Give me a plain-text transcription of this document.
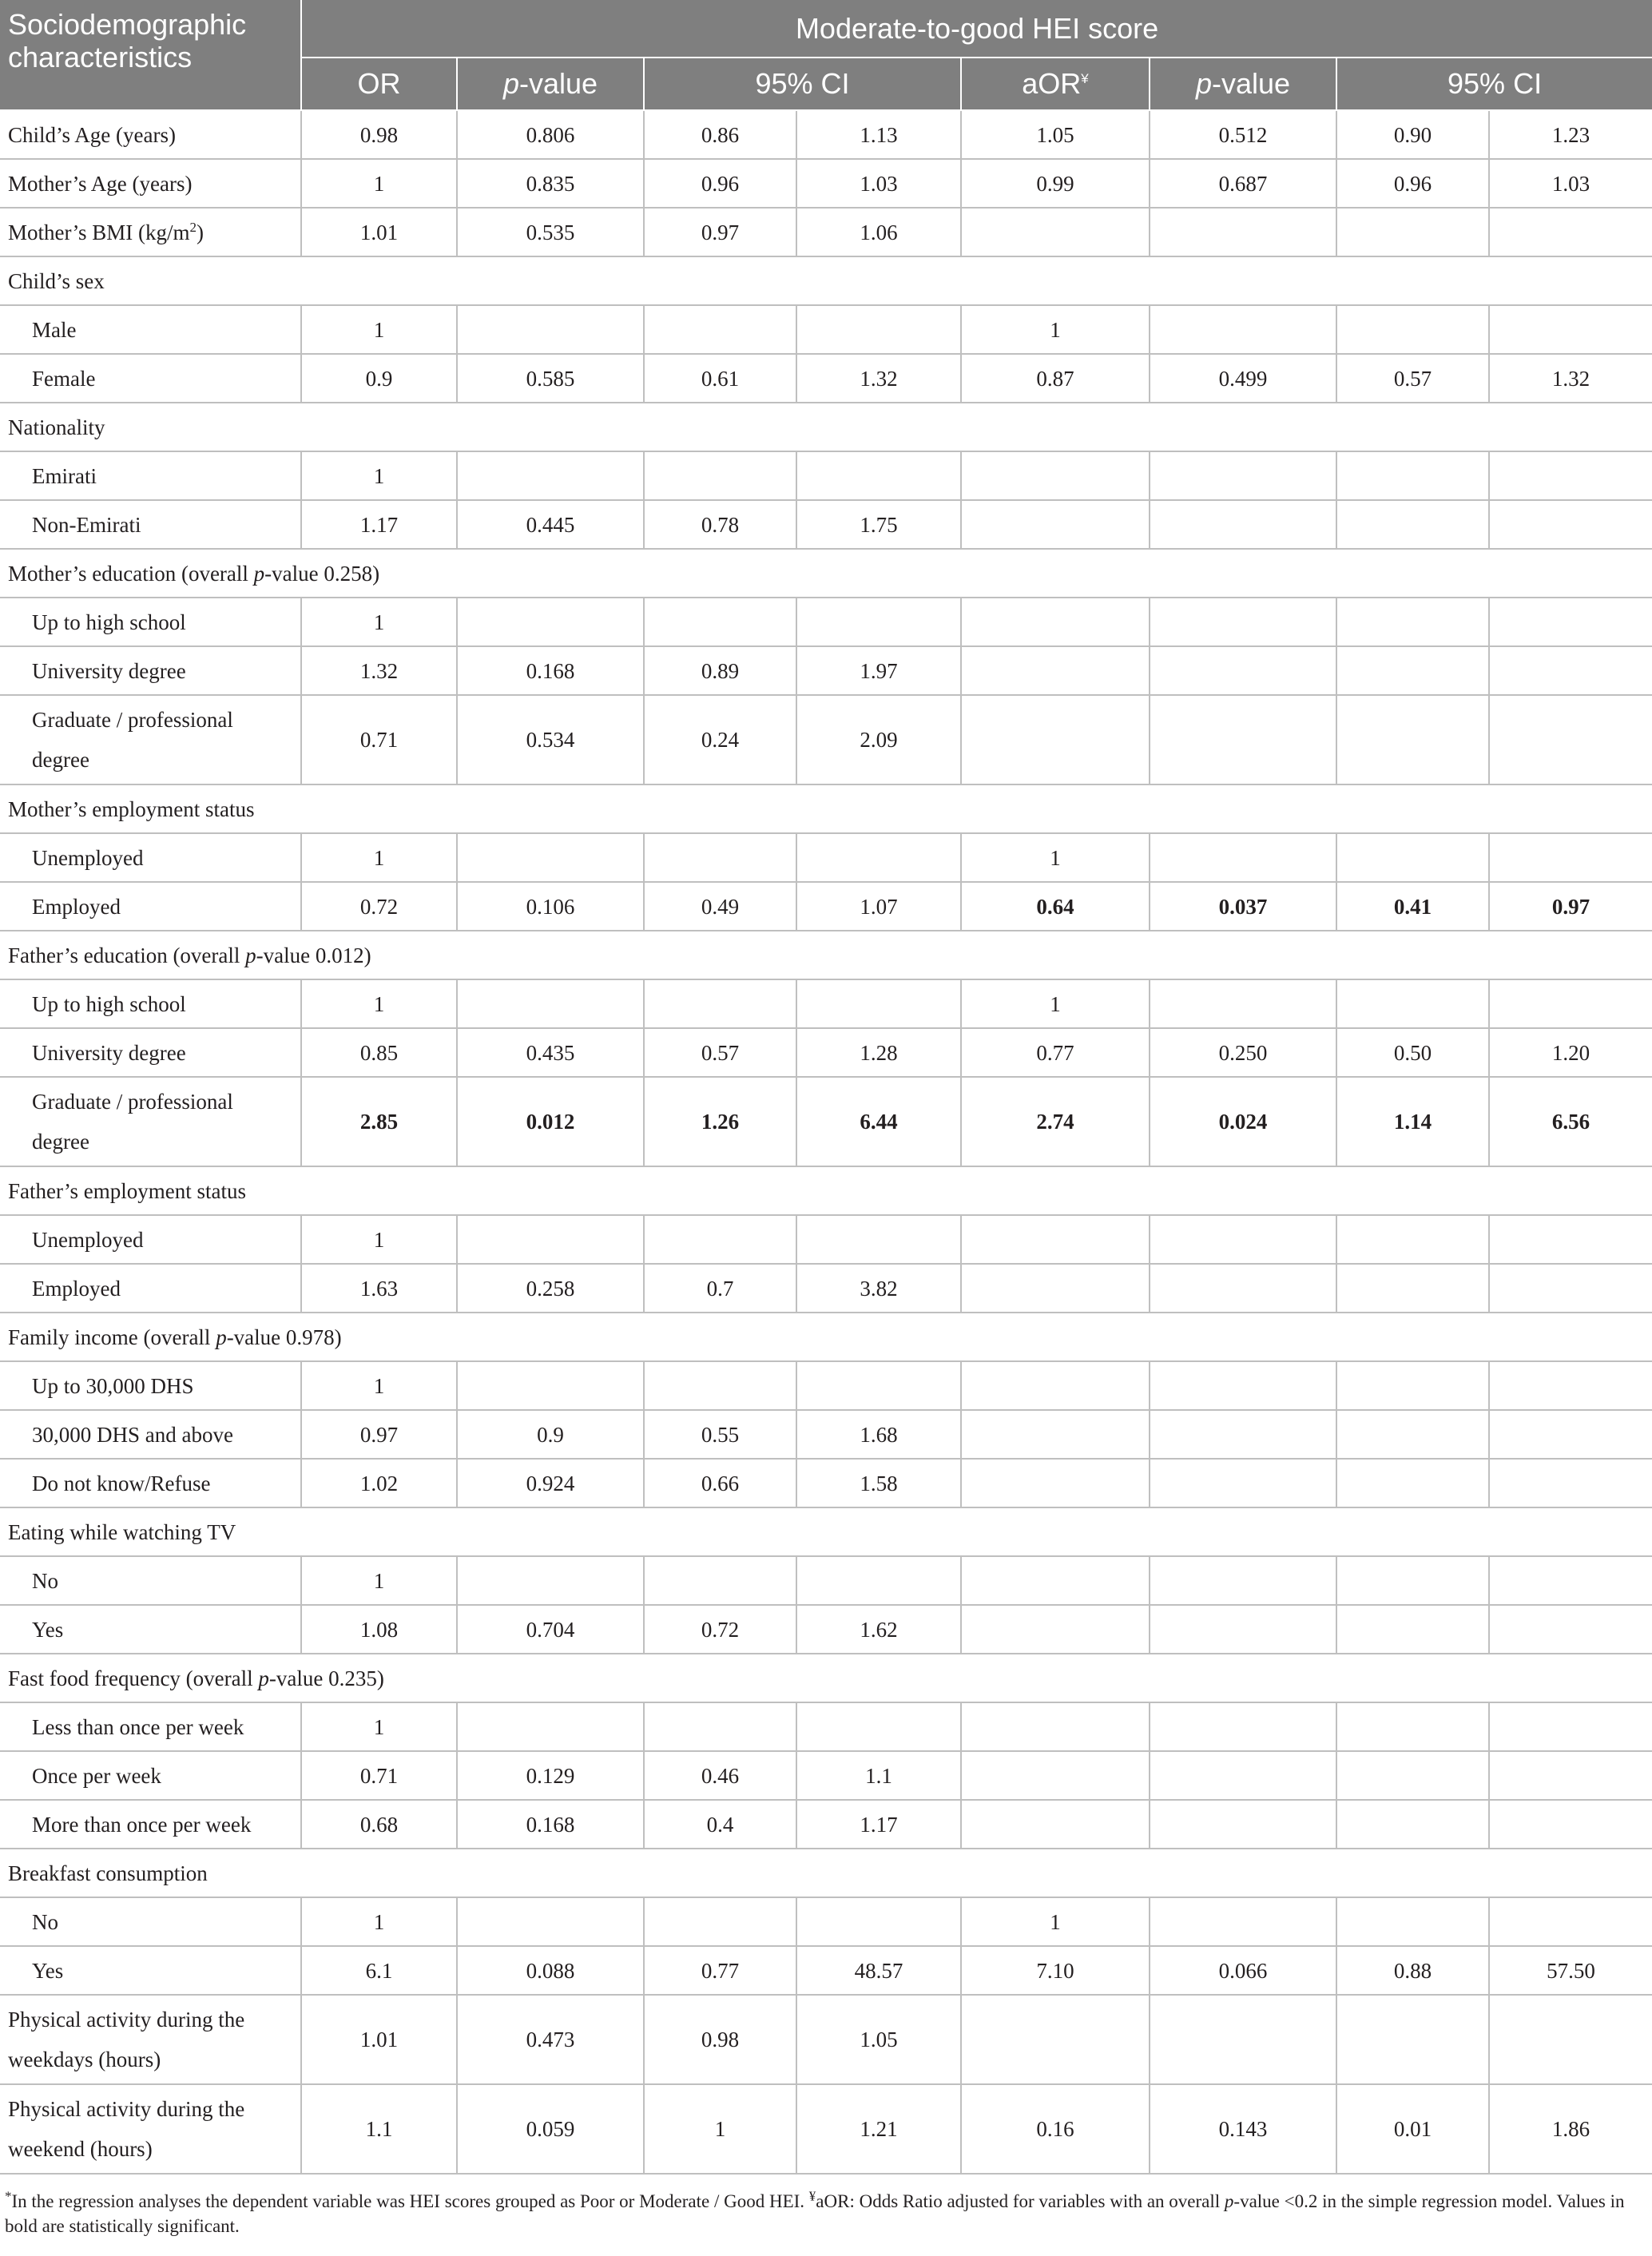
Sociodemographic characteristics	Moderate-to-good HEI score							
	OR	p-value	95% CI		aOR¥	p-value	95% CI	
Child’s Age (years)	0.98	0.806	0.86	1.13	1.05	0.512	0.90	1.23
Mother’s Age (years)	1	0.835	0.96	1.03	0.99	0.687	0.96	1.03
Mother’s BMI $(kg/m^2)$	1.01	0.535	0.97	1.06				
Child’s sex								
Male	1				1			
Female	0.9	0.585	0.61	1.32	0.87	0.499	0.57	1.32
Nationality								
Emirati	1							
Non-Emirati	1.17	0.445	0.78	1.75				
Mother’s education (overall p-value 0.258)								
Up to high school	1							
University degree	1.32	0.168	0.89	1.97				
Graduate / professional
degree	0.71	0.534	0.24	2.09				
Mother’s employment status								
Unemployed	1				1			
Employed	0.72	0.106	0.49	1.07	0.64	0.037	0.41	0.97
Father’s education (overall p-value 0.012)								
Up to high school	1				1			
University degree	0.85	0.435	0.57	1.28	0.77	0.250	0.50	1.20
Graduate / professional
degree	2.85	0.012	1.26	6.44	2.74	0.024	1.14	6.56
Father’s employment status								
Unemployed	1							
Employed	1.63	0.258	0.7	3.82				
Family income (overall p-value 0.978)								
Up to 30,000 DHS	1							
30,000 DHS and above	0.97	0.9	0.55	1.68				
Do not know/Refuse	1.02	0.924	0.66	1.58				
Eating while watching TV								
No	1							
Yes	1.08	0.704	0.72	1.62				
Fast food frequency (overall p-value 0.235)								
Less than once per week	1							
Once per week	0.71	0.129	0.46	1.1				
More than once per week	0.68	0.168	0.4	1.17				
Breakfast consumption								
No	1				1			
Yes	6.1	0.088	0.77	48.57	7.10	0.066	0.88	57.50
Physical activity during the
weekdays (hours)	1.01	0.473	0.98	1.05				
Physical activity during the
weekend (hours)	1.1	0.059	1	1.21	0.16	0.143	0.01	1.86
*In the regression analyses the dependent variable was HEI scores grouped as Poor or Moderate / Good HEI. ¥aOR: Odds Ratio adjusted for variables with an overall p-value <0.2 in the simple regression model. Values in bold are statistically significant.
